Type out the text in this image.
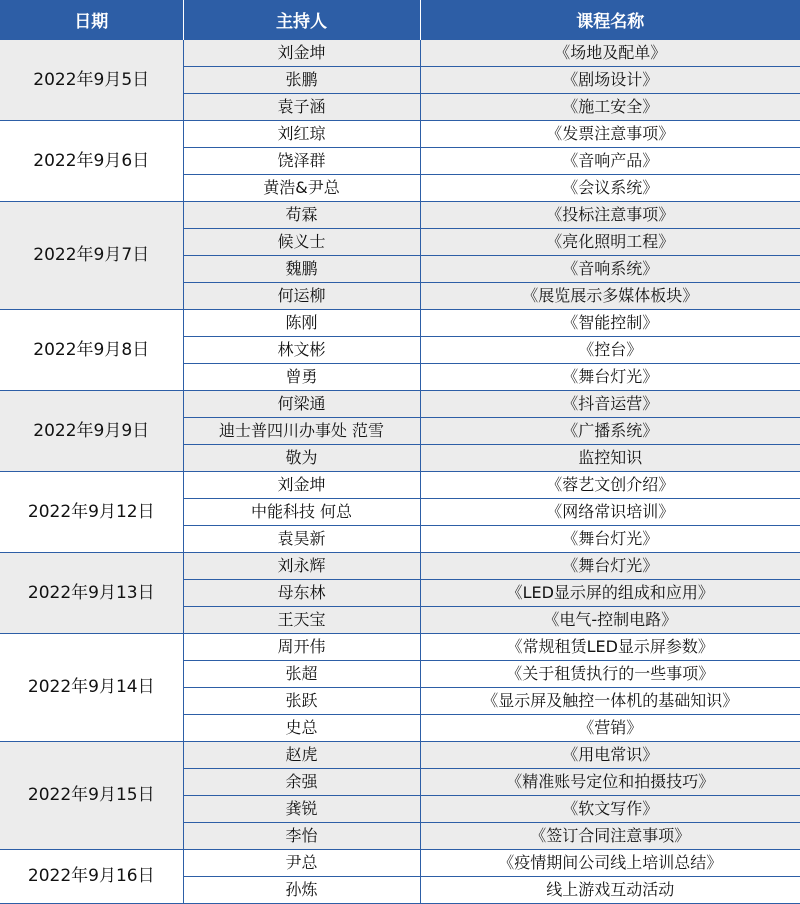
日期	主持人	课程名称
2022年9月5日	刘金坤	《场地及配单》
	张鹏	《剧场设计》
	袁子涵	《施工安全》
2022年9月6日	刘红琼	《发票注意事项》
	饶泽群	《音响产品》
	黄浩&尹总	《会议系统》
2022年9月7日	苟霖	《投标注意事项》
	候义士	《亮化照明工程》
	魏鹏	《音响系统》
	何运柳	《展览展示多媒体板块》
2022年9月8日	陈刚	《智能控制》
	林文彬	《控台》
	曾勇	《舞台灯光》
2022年9月9日	何梁通	《抖音运营》
	迪士普四川办事处 范雪	《广播系统》
	敬为	监控知识
2022年9月12日	刘金坤	《蓉艺文创介绍》
	中能科技 何总	《网络常识培训》
	袁昊新	《舞台灯光》
2022年9月13日	刘永辉	《舞台灯光》
	母东林	《LED显示屏的组成和应用》
	王天宝	《电气-控制电路》
2022年9月14日	周开伟	《常规租赁LED显示屏参数》
	张超	《关于租赁执行的一些事项》
	张跃	《显示屏及触控一体机的基础知识》
	史总	《营销》
2022年9月15日	赵虎	《用电常识》
	余强	《精准账号定位和拍摄技巧》
	龚锐	《软文写作》
	李怡	《签订合同注意事项》
2022年9月16日	尹总	《疫情期间公司线上培训总结》
	孙炼	线上游戏互动活动
